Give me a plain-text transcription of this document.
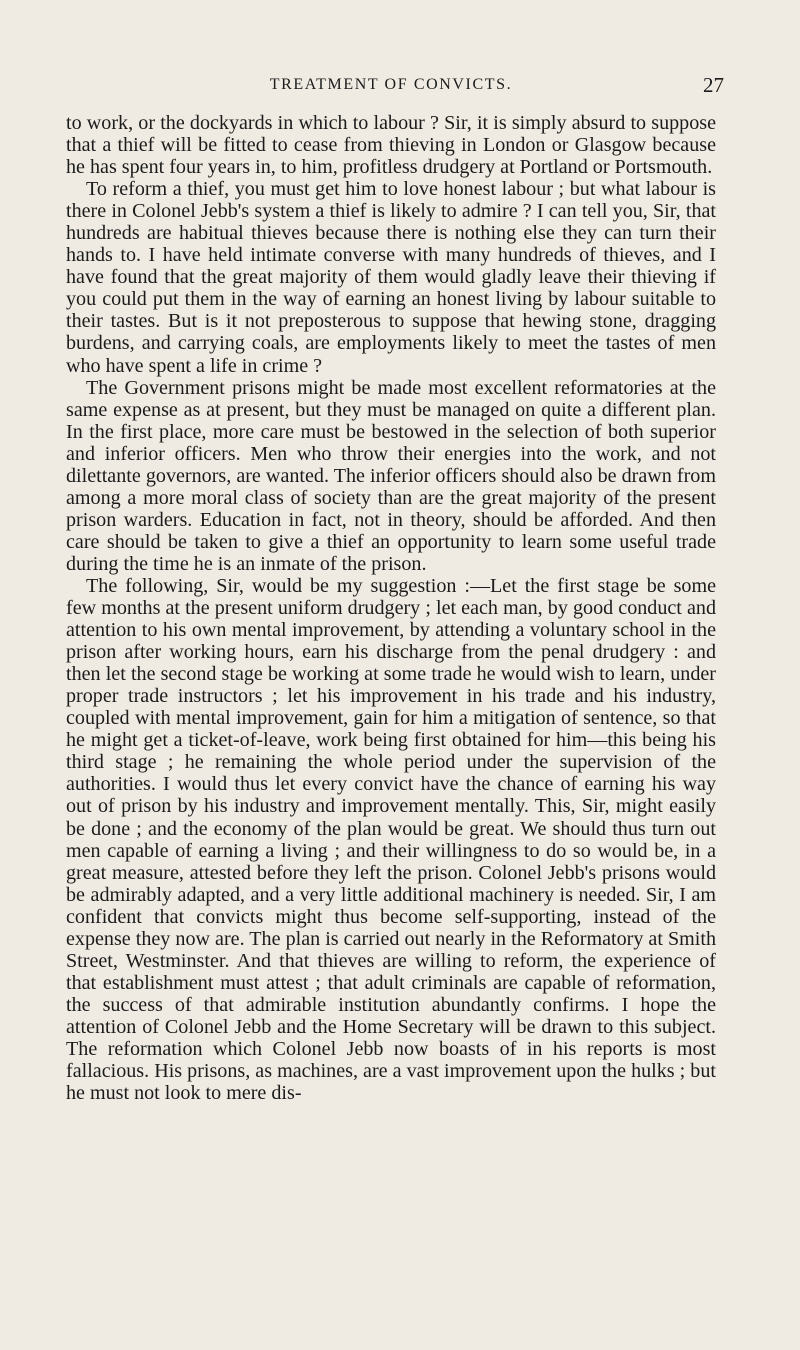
TREATMENT OF CONVICTS.	27

to work, or the dockyards in which to labour ? Sir, it is simply absurd to suppose that a thief will be fitted to cease from thieving in London or Glasgow because he has spent four years in, to him, profitless drudgery at Portland or Portsmouth.

To reform a thief, you must get him to love honest labour ; but what labour is there in Colonel Jebb's system a thief is likely to admire ? I can tell you, Sir, that hundreds are habitual thieves because there is nothing else they can turn their hands to. I have held intimate converse with many hundreds of thieves, and I have found that the great majority of them would gladly leave their thieving if you could put them in the way of earning an honest living by labour suitable to their tastes. But is it not preposterous to suppose that hewing stone, dragging burdens, and carrying coals, are employments likely to meet the tastes of men who have spent a life in crime ?

The Government prisons might be made most excellent reformatories at the same expense as at present, but they must be managed on quite a different plan. In the first place, more care must be bestowed in the selection of both superior and inferior officers. Men who throw their energies into the work, and not dilettante governors, are wanted. The inferior officers should also be drawn from among a more moral class of society than are the great majority of the present prison warders. Education in fact, not in theory, should be afforded. And then care should be taken to give a thief an opportunity to learn some useful trade during the time he is an inmate of the prison.

The following, Sir, would be my suggestion :—Let the first stage be some few months at the present uniform drudgery ; let each man, by good conduct and attention to his own mental improvement, by attending a voluntary school in the prison after working hours, earn his discharge from the penal drudgery : and then let the second stage be working at some trade he would wish to learn, under proper trade instructors ; let his improvement in his trade and his industry, coupled with mental improvement, gain for him a mitigation of sentence, so that he might get a ticket-of-leave, work being first obtained for him—this being his third stage ; he remaining the whole period under the supervision of the authorities. I would thus let every convict have the chance of earning his way out of prison by his industry and improvement mentally. This, Sir, might easily be done ; and the economy of the plan would be great. We should thus turn out men capable of earning a living ; and their willingness to do so would be, in a great measure, attested before they left the prison. Colonel Jebb's prisons would be admirably adapted, and a very little additional machinery is needed. Sir, I am confident that convicts might thus become self-supporting, instead of the expense they now are. The plan is carried out nearly in the Reformatory at Smith Street, Westminster. And that thieves are willing to reform, the experience of that establishment must attest ; that adult criminals are capable of reformation, the success of that admirable institution abundantly confirms. I hope the attention of Colonel Jebb and the Home Secretary will be drawn to this subject. The reformation which Colonel Jebb now boasts of in his reports is most fallacious. His prisons, as machines, are a vast improvement upon the hulks ; but he must not look to mere dis-
